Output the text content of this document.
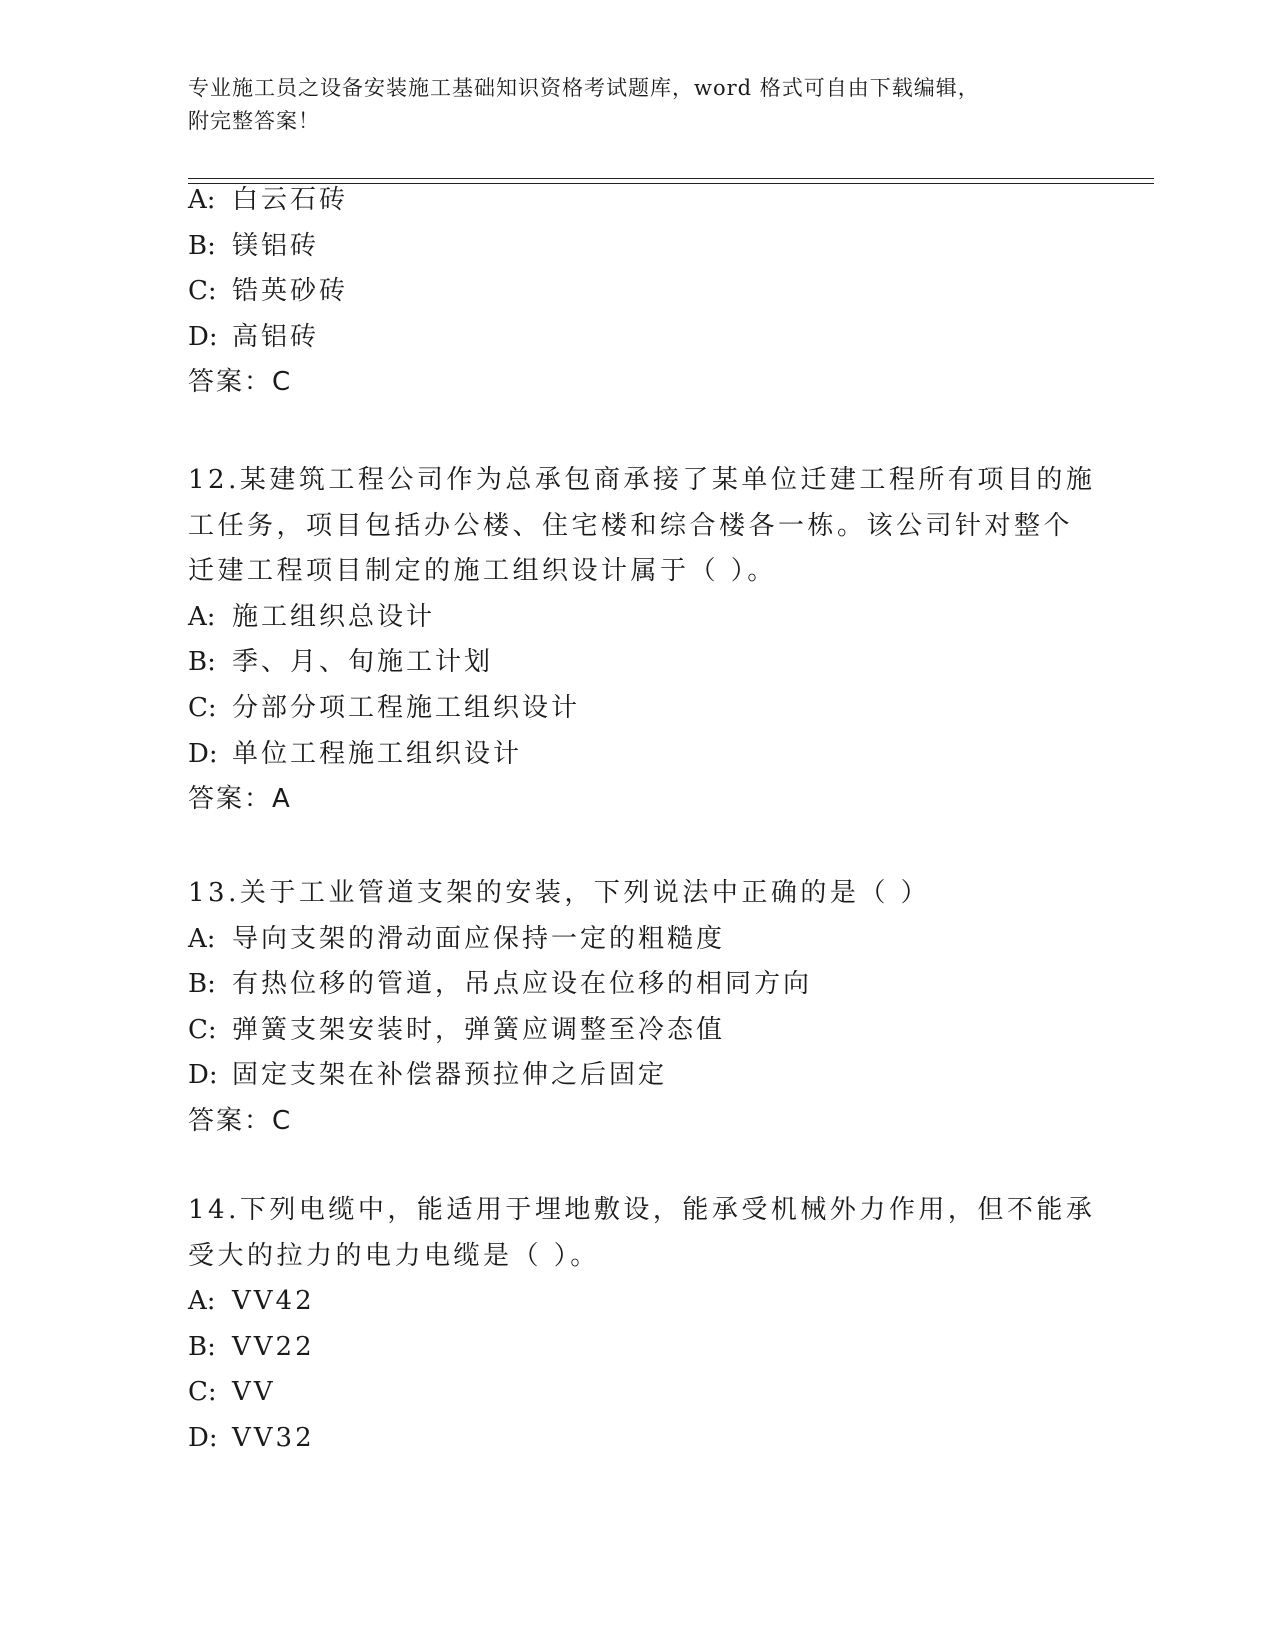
专业施工员之设备安装施工基础知识资格考试题库，word 格式可自由下载编辑，
附完整答案！
A: 白云石砖
B: 镁铝砖
C: 锆英砂砖
D: 高铝砖
答案：C
12.某建筑工程公司作为总承包商承接了某单位迁建工程所有项目的施
工任务，项目包括办公楼、住宅楼和综合楼各一栋。该公司针对整个
迁建工程项目制定的施工组织设计属于（ ）。
A: 施工组织总设计
B: 季、月、旬施工计划
C: 分部分项工程施工组织设计
D: 单位工程施工组织设计
答案：A
13.关于工业管道支架的安装，下列说法中正确的是（ ）
A: 导向支架的滑动面应保持一定的粗糙度
B: 有热位移的管道，吊点应设在位移的相同方向
C: 弹簧支架安装时，弹簧应调整至冷态值
D: 固定支架在补偿器预拉伸之后固定
答案：C
14.下列电缆中，能适用于埋地敷设，能承受机械外力作用，但不能承
受大的拉力的电力电缆是（ ）。
A: VV42
B: VV22
C: VV
D: VV32
